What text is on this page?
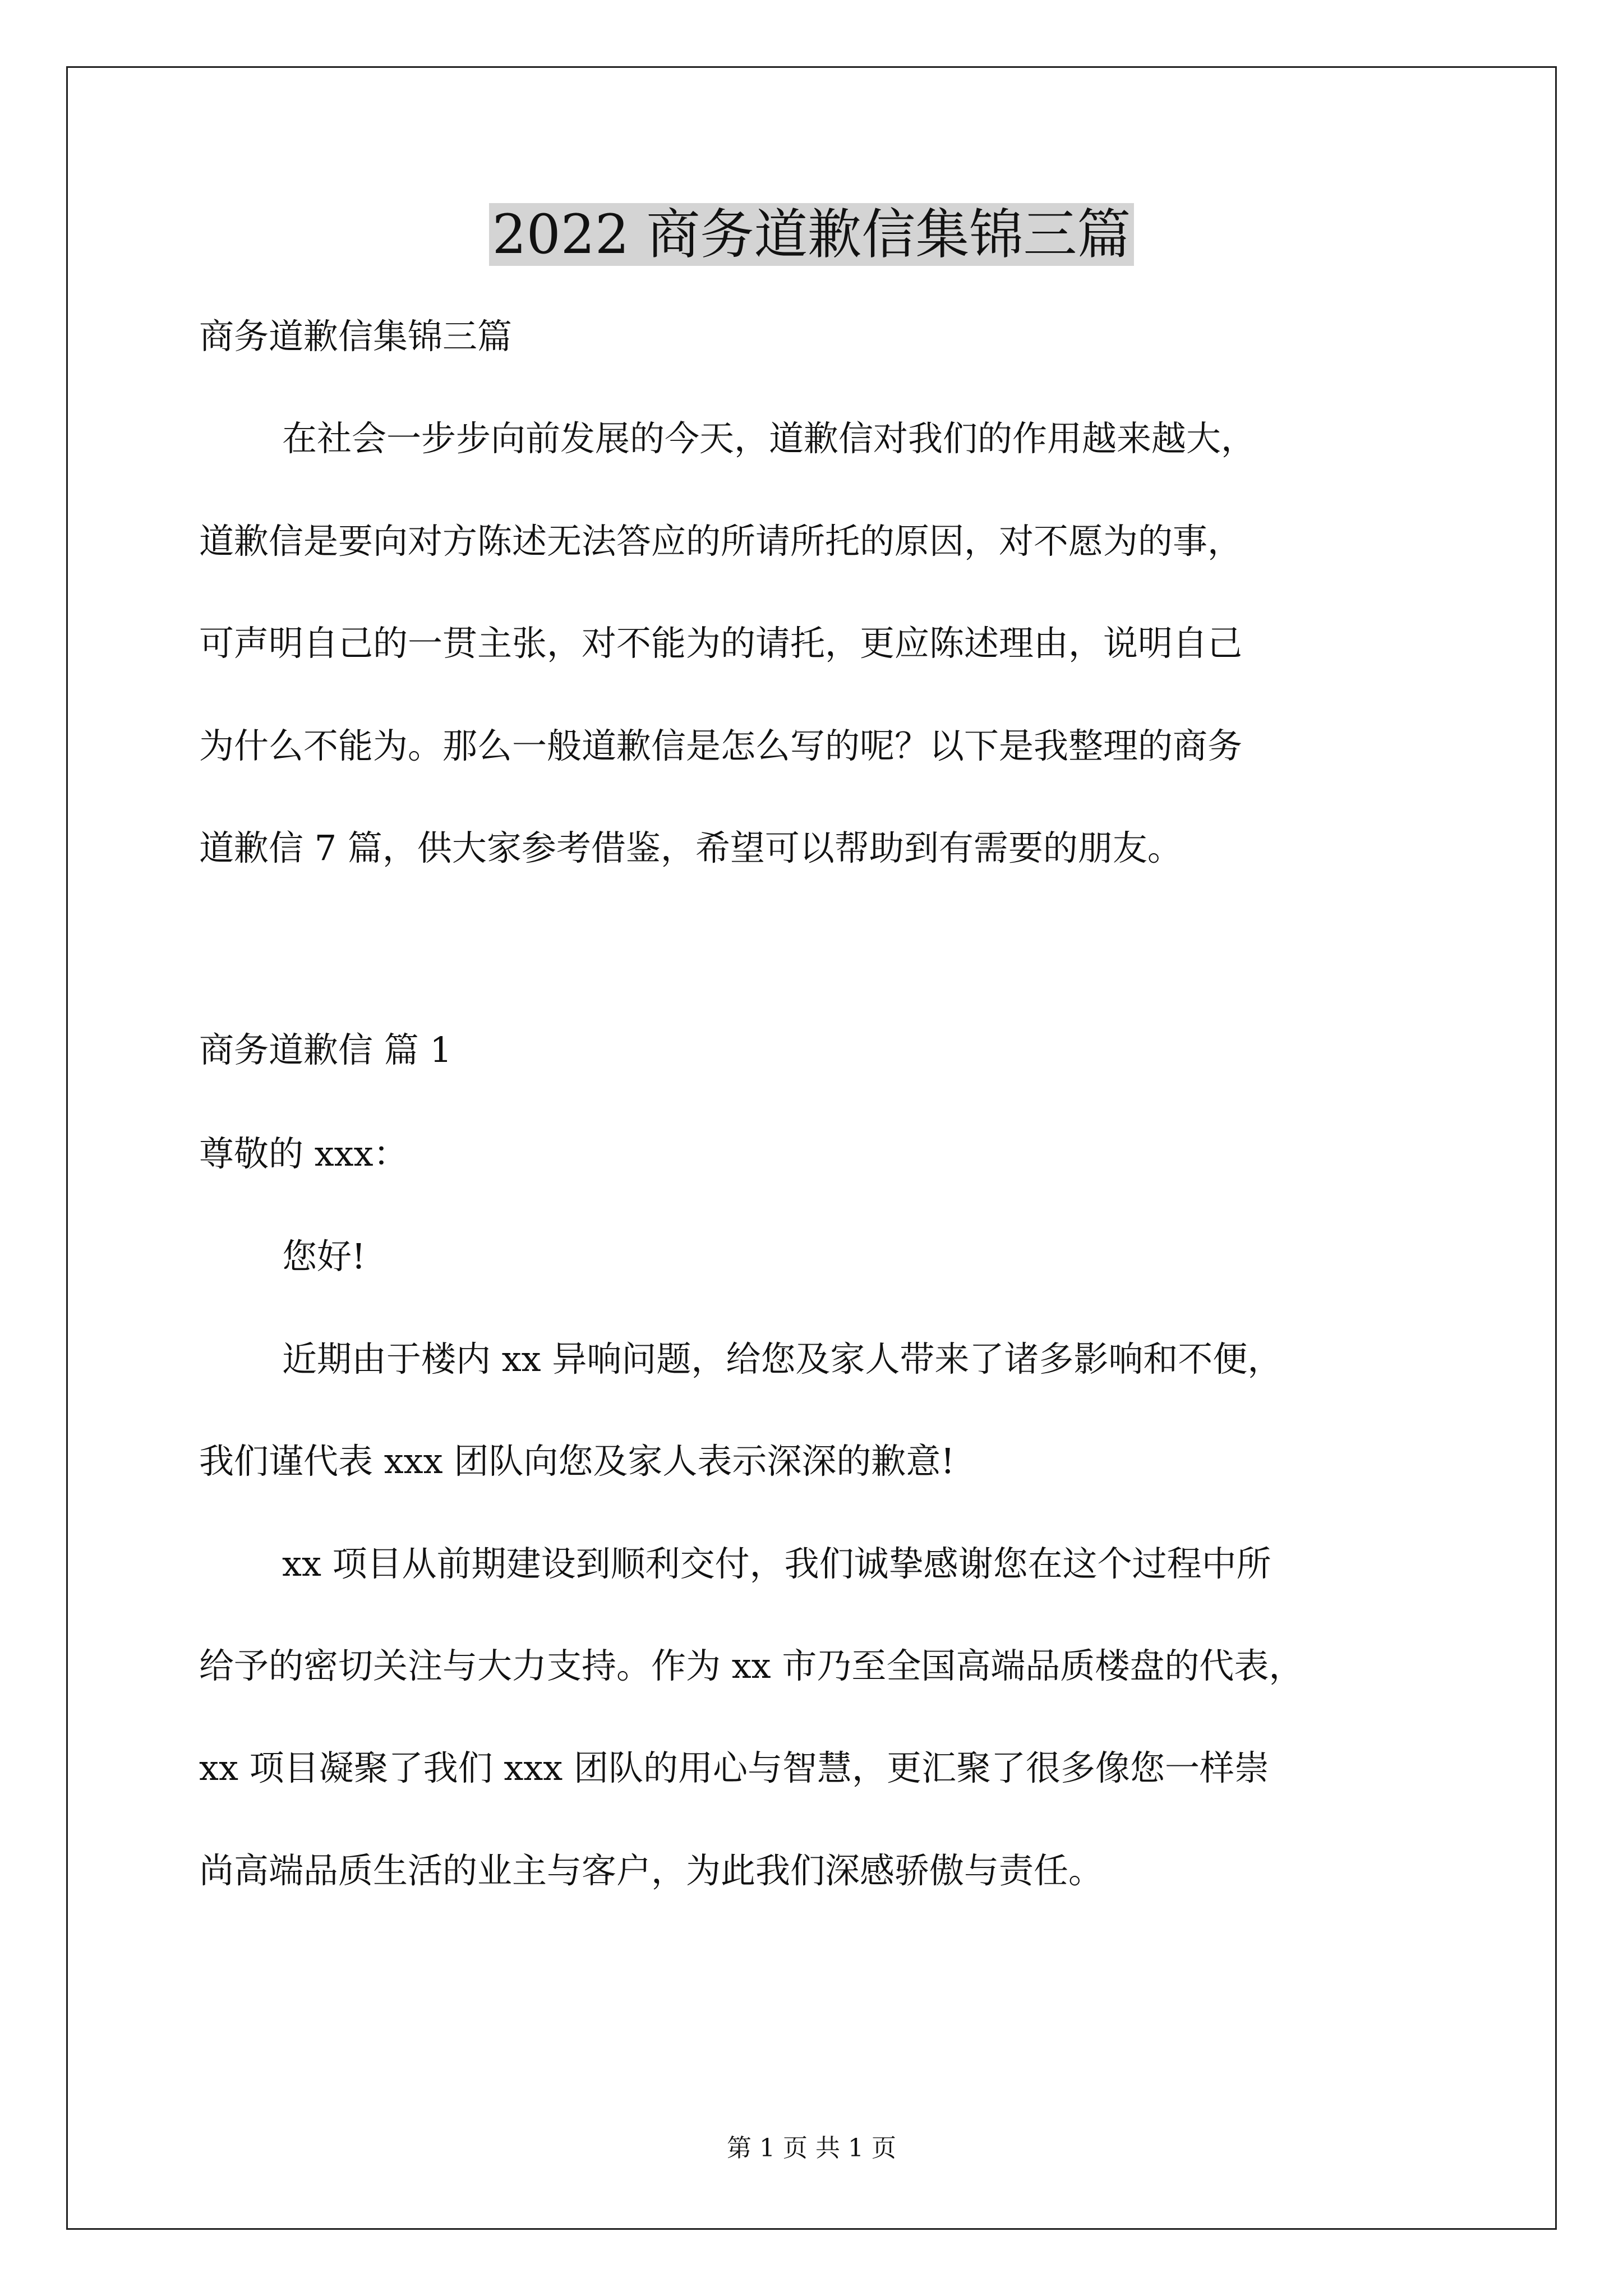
2022 商务道歉信集锦三篇

商务道歉信集锦三篇

在社会一步步向前发展的今天，道歉信对我们的作用越来越大，

道歉信是要向对方陈述无法答应的所请所托的原因，对不愿为的事，

可声明自己的一贯主张，对不能为的请托，更应陈述理由，说明自己

为什么不能为。那么一般道歉信是怎么写的呢？以下是我整理的商务

道歉信 7 篇，供大家参考借鉴，希望可以帮助到有需要的朋友。

商务道歉信 篇 1

尊敬的 xxx：

您好!

近期由于楼内 xx 异响问题，给您及家人带来了诸多影响和不便，

我们谨代表 xxx 团队向您及家人表示深深的歉意!

xx 项目从前期建设到顺利交付，我们诚挚感谢您在这个过程中所

给予的密切关注与大力支持。作为 xx 市乃至全国高端品质楼盘的代表，

xx 项目凝聚了我们 xxx 团队的用心与智慧，更汇聚了很多像您一样崇

尚高端品质生活的业主与客户，为此我们深感骄傲与责任。

第 1 页 共 1 页
